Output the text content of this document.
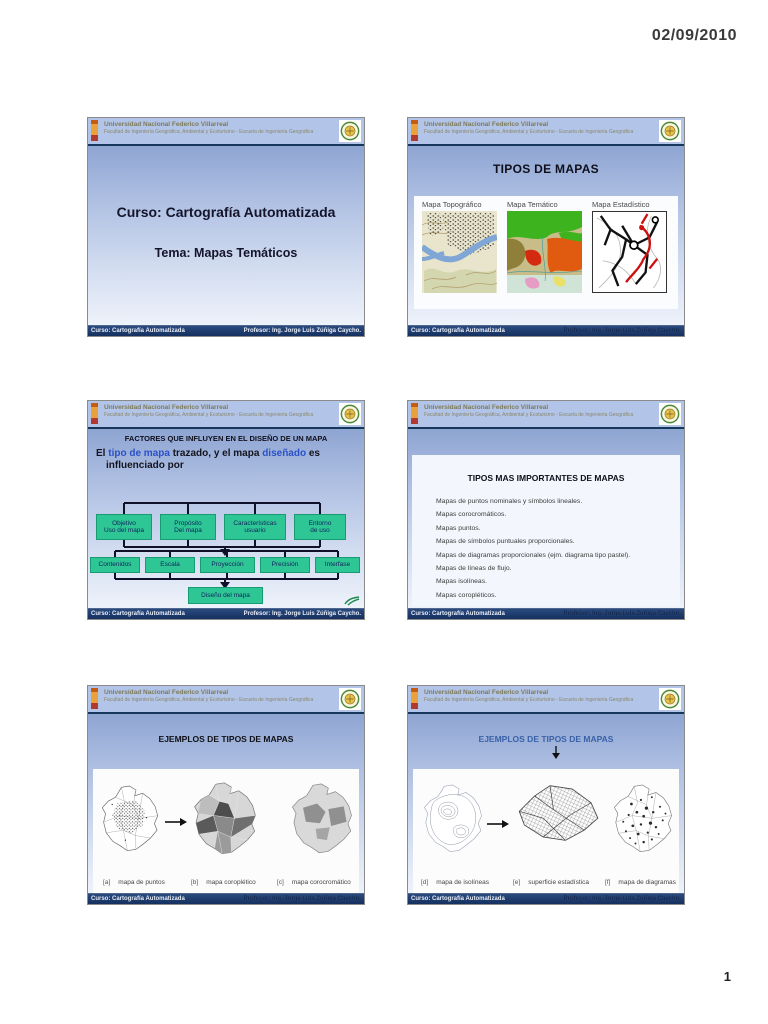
02/09/2010
Universidad Nacional Federico Villarreal
Facultad de Ingeniería Geográfica, Ambiental y Ecoturismo - Escuela de Ingeniería Geográfica
Curso: Cartografía Automatizada
Tema: Mapas Temáticos
Curso: Cartografía Automatizada	Profesor: Ing. Jorge Luis Zúñiga Caycho.
Universidad Nacional Federico Villarreal
Facultad de Ingeniería Geográfica, Ambiental y Ecoturismo - Escuela de Ingeniería Geográfica
TIPOS DE MAPAS
Mapa Topográfico	Mapa Temático	Mapa Estadístico
Curso: Cartografía Automatizada	Profesor: Ing. Jorge Luis Zúñiga Caycho.
Universidad Nacional Federico Villarreal
Facultad de Ingeniería Geográfica, Ambiental y Ecoturismo - Escuela de Ingeniería Geográfica
FACTORES QUE INFLUYEN EN EL DISEÑO DE UN MAPA
El tipo de mapa trazado, y el mapa diseñado es influenciado por
Objetivo
Uso del mapa
Propósito
Del mapa
Características
usuario
Entorno
de uso
Contenidos	Escala	Proyección	Precisión	Interfase
Diseño del mapa
Curso: Cartografía Automatizada	Profesor: Ing. Jorge Luis Zúñiga Caycho.
Universidad Nacional Federico Villarreal
Facultad de Ingeniería Geográfica, Ambiental y Ecoturismo - Escuela de Ingeniería Geográfica
TIPOS MAS IMPORTANTES DE MAPAS
Mapas de puntos nominales y símbolos lineales.
Mapas corocromáticos.
Mapas puntos.
Mapas de símbolos puntuales proporcionales.
Mapas de diagramas proporcionales (ejm. diagrama tipo pastel).
Mapas de líneas de flujo.
Mapas isolíneas.
Mapas coropléticos.
Curso: Cartografía Automatizada	Profesor: Ing. Jorge Luis Zúñiga Caycho.
Universidad Nacional Federico Villarreal
Facultad de Ingeniería Geográfica, Ambiental y Ecoturismo - Escuela de Ingeniería Geográfica
EJEMPLOS DE TIPOS DE MAPAS
[a] mapa de puntos	[b] mapa coroplético	[c] mapa corocromático
Curso: Cartografía Automatizada	Profesor: Ing. Jorge Luis Zúñiga Caycho.
Universidad Nacional Federico Villarreal
Facultad de Ingeniería Geográfica, Ambiental y Ecoturismo - Escuela de Ingeniería Geográfica
EJEMPLOS DE TIPOS DE MAPAS
[d] mapa de isolíneas	[e] superficie estadística [f] mapa de diagramas
Curso: Cartografía Automatizada	Profesor: Ing. Jorge Luis Zúñiga Caycho.
1
